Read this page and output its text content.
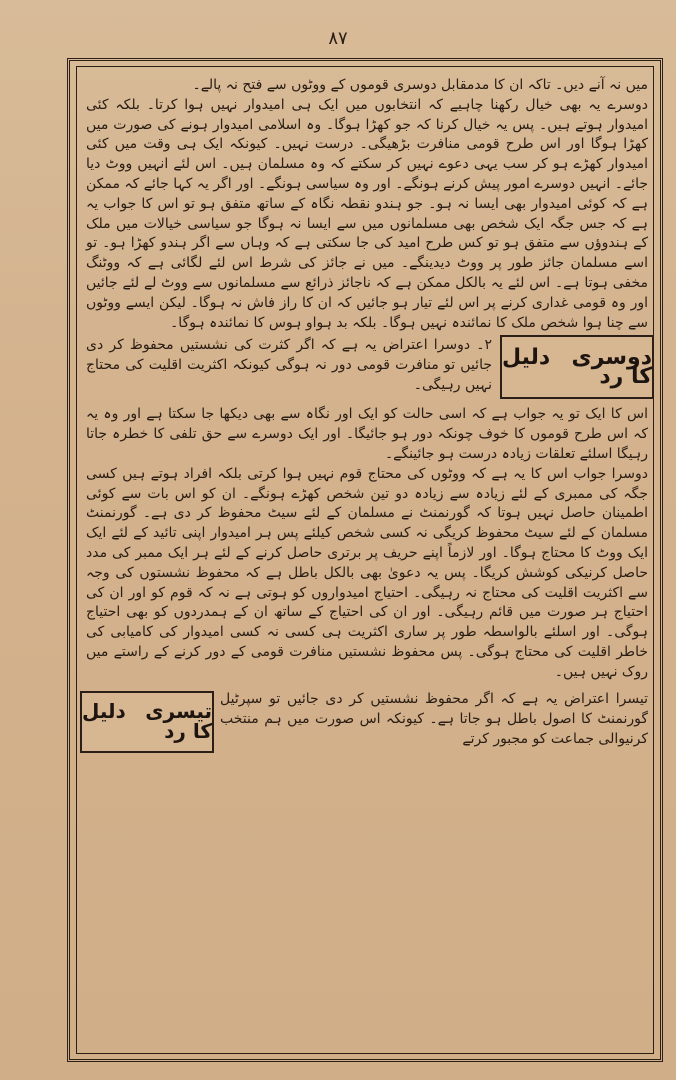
۸۷

میں نہ آنے دیں۔ تاکہ ان کا مدمقابل دوسری قوموں کے ووٹوں سے فتح نہ پالے۔

دوسرے یہ بھی خیال رکھنا چاہیے کہ انتخابوں میں ایک ہی امیدوار نہیں ہوا کرتا۔ بلکہ کئی امیدوار ہوتے ہیں۔ پس یہ خیال کرنا کہ جو کھڑا ہوگا۔ وہ اسلامی امیدوار ہونے کی صورت میں کھڑا ہوگا اور اس طرح قومی منافرت بڑھیگی۔ درست نہیں۔ کیونکہ ایک ہی وقت میں کئی امیدوار کھڑے ہو کر سب یہی دعوے نہیں کر سکتے کہ وہ مسلمان ہیں۔ اس لئے انہیں ووٹ دیا جائے۔ انہیں دوسرے امور پیش کرنے ہونگے۔ اور وہ سیاسی ہونگے۔ اور اگر یہ کہا جائے کہ ممکن ہے کہ کوئی امیدوار بھی ایسا نہ ہو۔ جو ہندو نقطہ نگاہ کے ساتھ متفق ہو تو اس کا جواب یہ ہے کہ جس جگہ ایک شخص بھی مسلمانوں میں سے ایسا نہ ہوگا جو سیاسی خیالات میں ملک کے ہندوؤں سے متفق ہو تو کس طرح امید کی جا سکتی ہے کہ وہاں سے اگر ہندو کھڑا ہو۔ تو اسے مسلمان جائز طور پر ووٹ دیدینگے۔ میں نے جائز کی شرط اس لئے لگائی ہے کہ ووٹنگ مخفی ہوتا ہے۔ اس لئے یہ بالکل ممکن ہے کہ ناجائز ذرائع سے مسلمانوں سے ووٹ لے لئے جائیں اور وہ قومی غداری کرنے پر اس لئے تیار ہو جائیں کہ ان کا راز فاش نہ ہوگا۔ لیکن ایسے ووٹوں سے چنا ہوا شخص ملک کا نمائندہ نہیں ہوگا۔ بلکہ بد ہواو ہوس کا نمائندہ ہوگا۔

دوسری دلیل کا رد
۲۔ دوسرا اعتراض یہ ہے کہ اگر کثرت کی نشستیں محفوظ کر دی جائیں تو منافرت قومی دور نہ ہوگی کیونکہ اکثریت اقلیت کی محتاج نہیں رہیگی۔

اس کا ایک تو یہ جواب ہے کہ اسی حالت کو ایک اور نگاہ سے بھی دیکھا جا سکتا ہے اور وہ یہ کہ اس طرح قوموں کا خوف چونکہ دور ہو جائیگا۔ اور ایک دوسرے سے حق تلفی کا خطرہ جاتا رہیگا اسلئے تعلقات زیادہ درست ہو جائینگے۔

دوسرا جواب اس کا یہ ہے کہ ووٹوں کی محتاج قوم نہیں ہوا کرتی بلکہ افراد ہوتے ہیں کسی جگہ کی ممبری کے لئے زیادہ سے زیادہ دو تین شخص کھڑے ہونگے۔ ان کو اس بات سے کوئی اطمینان حاصل نہیں ہوتا کہ گورنمنٹ نے مسلمان کے لئے سیٹ محفوظ کر دی ہے۔ گورنمنٹ مسلمان کے لئے سیٹ محفوظ کریگی نہ کسی شخص کیلئے پس ہر امیدوار اپنی تائید کے لئے ایک ایک ووٹ کا محتاج ہوگا۔ اور لازماً اپنے حریف پر برتری حاصل کرنے کے لئے ہر ایک ممبر کی مدد حاصل کرنیکی کوشش کریگا۔ پس یہ دعویٰ بھی بالکل باطل ہے کہ محفوظ نشستوں کی وجہ سے اکثریت اقلیت کی محتاج نہ رہیگی۔ احتیاج امیدواروں کو ہوتی ہے نہ کہ قوم کو اور ان کی احتیاج ہر صورت میں قائم رہیگی۔ اور ان کی احتیاج کے ساتھ ان کے ہمدردوں کو بھی احتیاج ہوگی۔ اور اسلئے بالواسطہ طور پر ساری اکثریت ہی کسی نہ کسی امیدوار کی کامیابی کی خاطر اقلیت کی محتاج ہوگی۔ پس محفوظ نشستیں منافرت قومی کے دور کرنے کے راستے میں روک نہیں ہیں۔

تیسرا اعتراض یہ ہے کہ اگر محفوظ نشستیں کر دی جائیں تو سپرٹیل گورنمنٹ کا اصول باطل ہو جاتا ہے۔ کیونکہ اس صورت میں ہم منتخب کرنیوالی جماعت کو مجبور کرتے
تیسری دلیل کا رد
